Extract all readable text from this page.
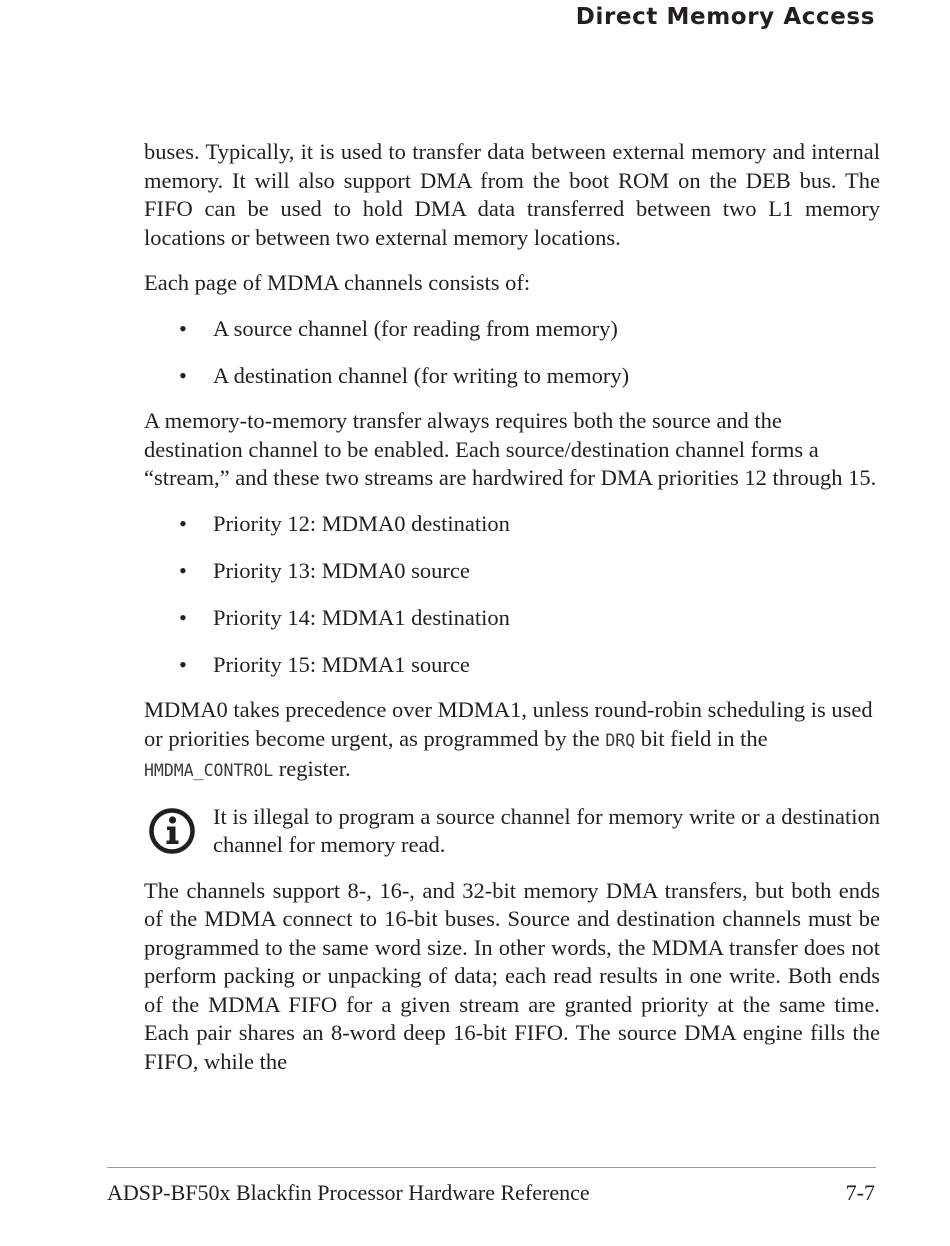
Direct Memory Access

buses. Typically, it is used to transfer data between external memory and internal memory. It will also support DMA from the boot ROM on the DEB bus. The FIFO can be used to hold DMA data transferred between two L1 memory locations or between two external memory locations.

Each page of MDMA channels consists of:

• A source channel (for reading from memory)
• A destination channel (for writing to memory)

A memory-to-memory transfer always requires both the source and the destination channel to be enabled. Each source/destination channel forms a “stream,” and these two streams are hardwired for DMA priorities 12 through 15.

• Priority 12: MDMA0 destination
• Priority 13: MDMA0 source
• Priority 14: MDMA1 destination
• Priority 15: MDMA1 source

MDMA0 takes precedence over MDMA1, unless round-robin scheduling is used or priorities become urgent, as programmed by the DRQ bit field in the HMDMA_CONTROL register.

It is illegal to program a source channel for memory write or a destination channel for memory read.

The channels support 8-, 16-, and 32-bit memory DMA transfers, but both ends of the MDMA connect to 16-bit buses. Source and destination channels must be programmed to the same word size. In other words, the MDMA transfer does not perform packing or unpacking of data; each read results in one write. Both ends of the MDMA FIFO for a given stream are granted priority at the same time. Each pair shares an 8-word deep 16-bit FIFO. The source DMA engine fills the FIFO, while the

ADSP-BF50x Blackfin Processor Hardware Reference	7-7
